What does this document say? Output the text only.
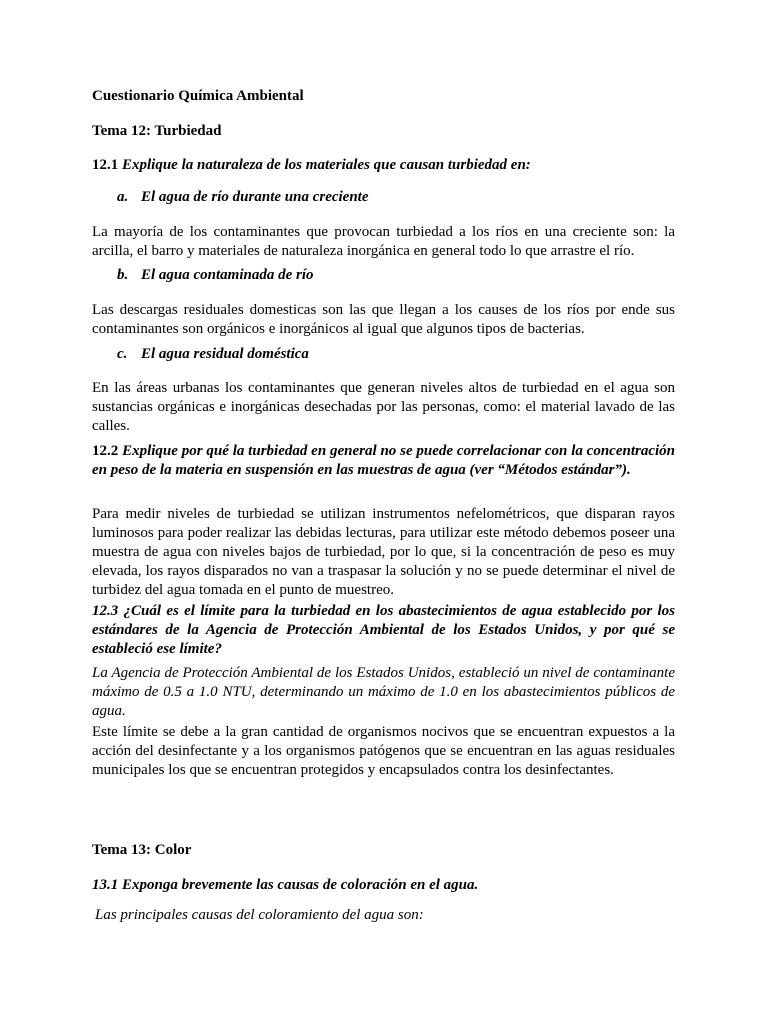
Cuestionario Química Ambiental
Tema 12: Turbiedad
12.1 Explique la naturaleza de los materiales que causan turbiedad en:
a. El agua de río durante una creciente
La mayoría de los contaminantes que provocan turbiedad a los ríos en una creciente son: la arcilla, el barro y materiales de naturaleza inorgánica en general todo lo que arrastre el río.
b. El agua contaminada de río
Las descargas residuales domesticas son las que llegan a los causes de los ríos por ende sus contaminantes son orgánicos e inorgánicos al igual que algunos tipos de bacterias.
c. El agua residual doméstica
En las áreas urbanas los contaminantes que generan niveles altos de turbiedad en el agua son sustancias orgánicas e inorgánicas desechadas por las personas, como: el material lavado de las calles.
12.2 Explique por qué la turbiedad en general no se puede correlacionar con la concentración en peso de la materia en suspensión en las muestras de agua (ver “Métodos estándar”).
Para medir niveles de turbiedad se utilizan instrumentos nefelométricos, que disparan rayos luminosos para poder realizar las debidas lecturas, para utilizar este método debemos poseer una muestra de agua con niveles bajos de turbiedad, por lo que, si la concentración de peso es muy elevada, los rayos disparados no van a traspasar la solución y no se puede determinar el nivel de turbidez del agua tomada en el punto de muestreo.
12.3 ¿Cuál es el límite para la turbiedad en los abastecimientos de agua establecido por los estándares de la Agencia de Protección Ambiental de los Estados Unidos, y por qué se estableció ese límite?
La Agencia de Protección Ambiental de los Estados Unidos, estableció un nivel de contaminante máximo de 0.5 a 1.0 NTU, determinando un máximo de 1.0 en los abastecimientos públicos de agua.
Este límite se debe a la gran cantidad de organismos nocivos que se encuentran expuestos a la acción del desinfectante y a los organismos patógenos que se encuentran en las aguas residuales municipales los que se encuentran protegidos y encapsulados contra los desinfectantes.
Tema 13: Color
13.1 Exponga brevemente las causas de coloración en el agua.
Las principales causas del coloramiento del agua son:
